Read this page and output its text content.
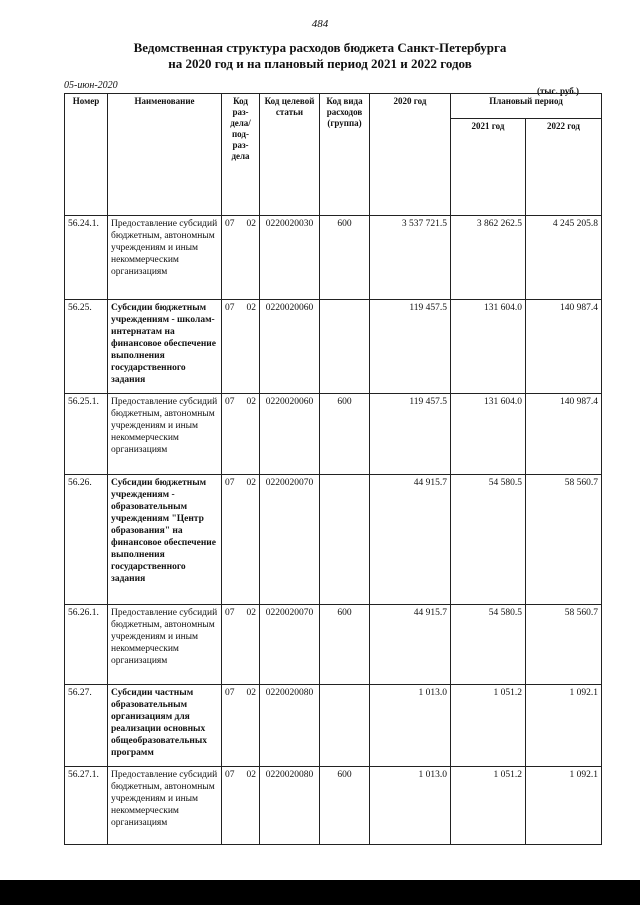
484
Ведомственная структура расходов бюджета Санкт-Петербурга
на 2020 год и на плановый период 2021 и 2022 годов
05-июн-2020	(тыс. руб.)
Номер	Наименование	Код раз-дела/ под-раз-дела	Код целевой статьи	Код вида расходов (группа)	2020 год	Плановый период	
						2021 год	2022 год
56.24.1.	Предоставление субсидий бюджетным, автономным учреждениям и иным некоммерческим организациям	07 02	0220020030	600	3 537 721.5	3 862 262.5	4 245 205.8
56.25.	Субсидии бюджетным учреждениям - школам-интернатам на финансовое обеспечение выполнения государственного задания	07 02	0220020060		119 457.5	131 604.0	140 987.4
56.25.1.	Предоставление субсидий бюджетным, автономным учреждениям и иным некоммерческим организациям	07 02	0220020060	600	119 457.5	131 604.0	140 987.4
56.26.	Субсидии бюджетным учреждениям - образовательным учреждениям "Центр образования" на финансовое обеспечение выполнения государственного задания	07 02	0220020070		44 915.7	54 580.5	58 560.7
56.26.1.	Предоставление субсидий бюджетным, автономным учреждениям и иным некоммерческим организациям	07 02	0220020070	600	44 915.7	54 580.5	58 560.7
56.27.	Субсидии частным образовательным организациям для реализации основных общеобразовательных программ	07 02	0220020080		1 013.0	1 051.2	1 092.1
56.27.1.	Предоставление субсидий бюджетным, автономным учреждениям и иным некоммерческим организациям	07 02	0220020080	600	1 013.0	1 051.2	1 092.1
